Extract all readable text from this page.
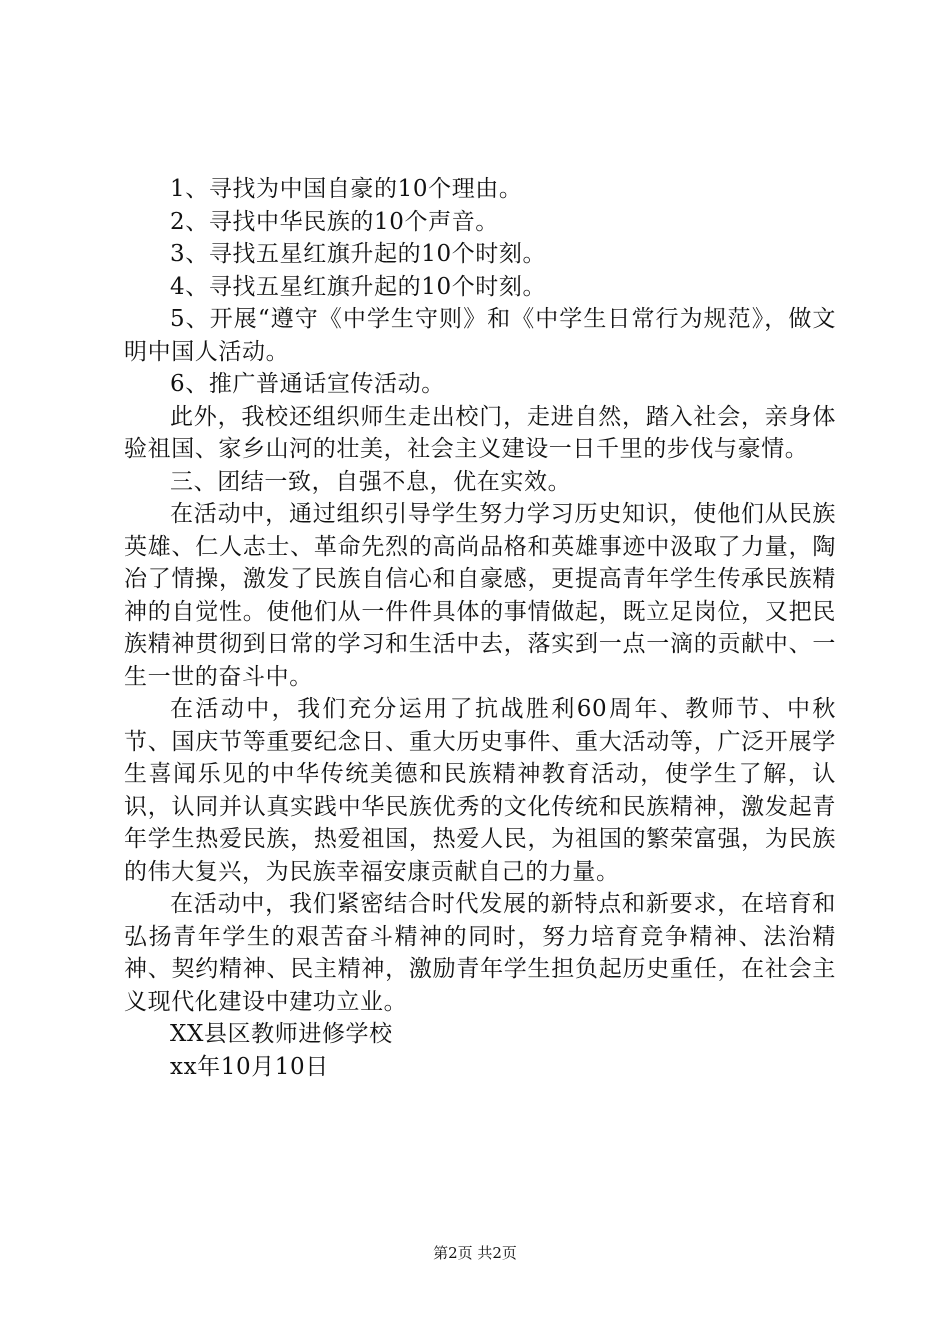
1、寻找为中国自豪的10个理由。

2、寻找中华民族的10个声音。

3、寻找五星红旗升起的10个时刻。

4、寻找五星红旗升起的10个时刻。

5、开展“遵守《中学生守则》和《中学生日常行为规范》，做文明中国人活动。

6、推广普通话宣传活动。

此外，我校还组织师生走出校门，走进自然，踏入社会，亲身体验祖国、家乡山河的壮美，社会主义建设一日千里的步伐与豪情。

三、团结一致，自强不息，优在实效。

在活动中，通过组织引导学生努力学习历史知识，使他们从民族英雄、仁人志士、革命先烈的高尚品格和英雄事迹中汲取了力量，陶冶了情操，激发了民族自信心和自豪感，更提高青年学生传承民族精神的自觉性。使他们从一件件具体的事情做起，既立足岗位，又把民族精神贯彻到日常的学习和生活中去，落实到一点一滴的贡献中、一生一世的奋斗中。

在活动中，我们充分运用了抗战胜利60周年、教师节、中秋节、国庆节等重要纪念日、重大历史事件、重大活动等，广泛开展学生喜闻乐见的中华传统美德和民族精神教育活动，使学生了解，认识，认同并认真实践中华民族优秀的文化传统和民族精神，激发起青年学生热爱民族，热爱祖国，热爱人民，为祖国的繁荣富强，为民族的伟大复兴，为民族幸福安康贡献自己的力量。

在活动中，我们紧密结合时代发展的新特点和新要求，在培育和弘扬青年学生的艰苦奋斗精神的同时，努力培育竞争精神、法治精神、契约精神、民主精神，激励青年学生担负起历史重任，在社会主义现代化建设中建功立业。

XX县区教师进修学校

xx年10月10日

第2页 共2页
